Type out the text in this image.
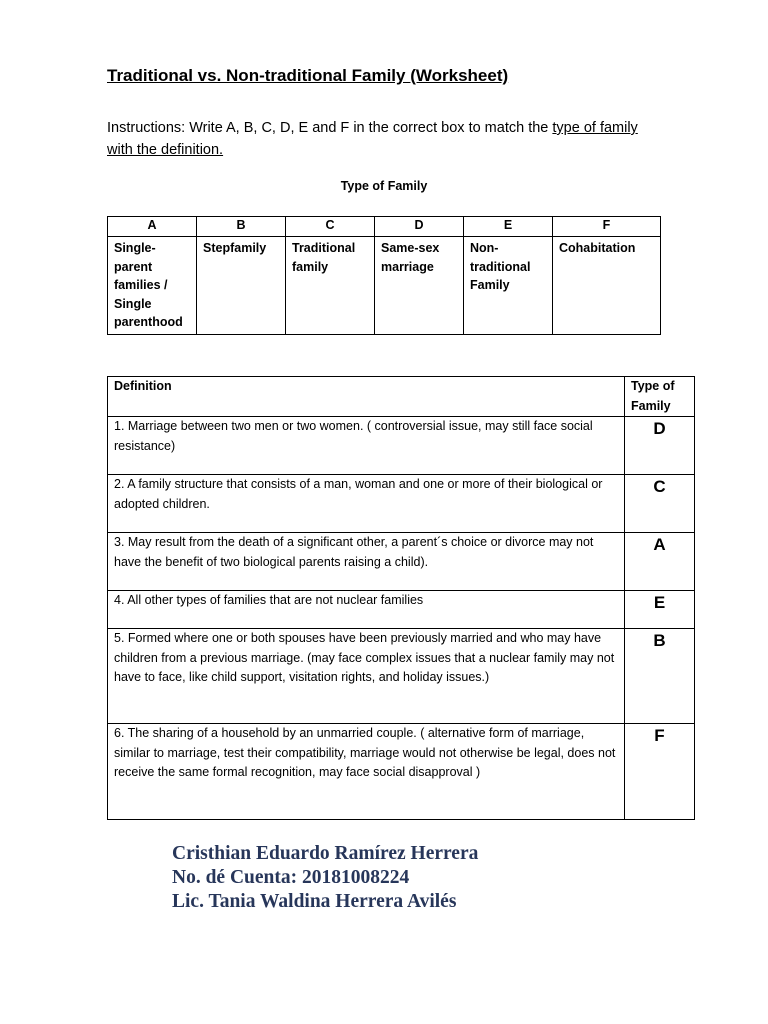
Traditional vs. Non-traditional Family (Worksheet)
Instructions: Write A, B, C, D, E and F in the correct box to match the type of family with the definition.
Type of Family
A	B	C	D	E	F
Single-parent families / Single parenthood	Stepfamily	Traditional family	Same-sex marriage	Non-traditional Family	Cohabitation
Definition	Type of Family
1. Marriage between two men or two women. ( controversial issue, may still face social resistance)	D
2. A family structure that consists of a man, woman and one or more of their biological or adopted children.	C
3. May result from the death of a significant other, a parent´s choice or divorce may not have the benefit of two biological parents raising a child).	A
4. All other types of families that are not nuclear families	E
5. Formed where one or both spouses have been previously married and who may have children from a previous marriage. (may face complex issues that a nuclear family may not have to face, like child support, visitation rights, and holiday issues.)	B
6. The sharing of a household by an unmarried couple. ( alternative form of marriage, similar to marriage, test their compatibility, marriage would not otherwise be legal, does not receive the same formal recognition, may face social disapproval )	F
Cristhian Eduardo Ramírez Herrera
No. dé Cuenta: 20181008224
Lic. Tania Waldina Herrera Avilés
